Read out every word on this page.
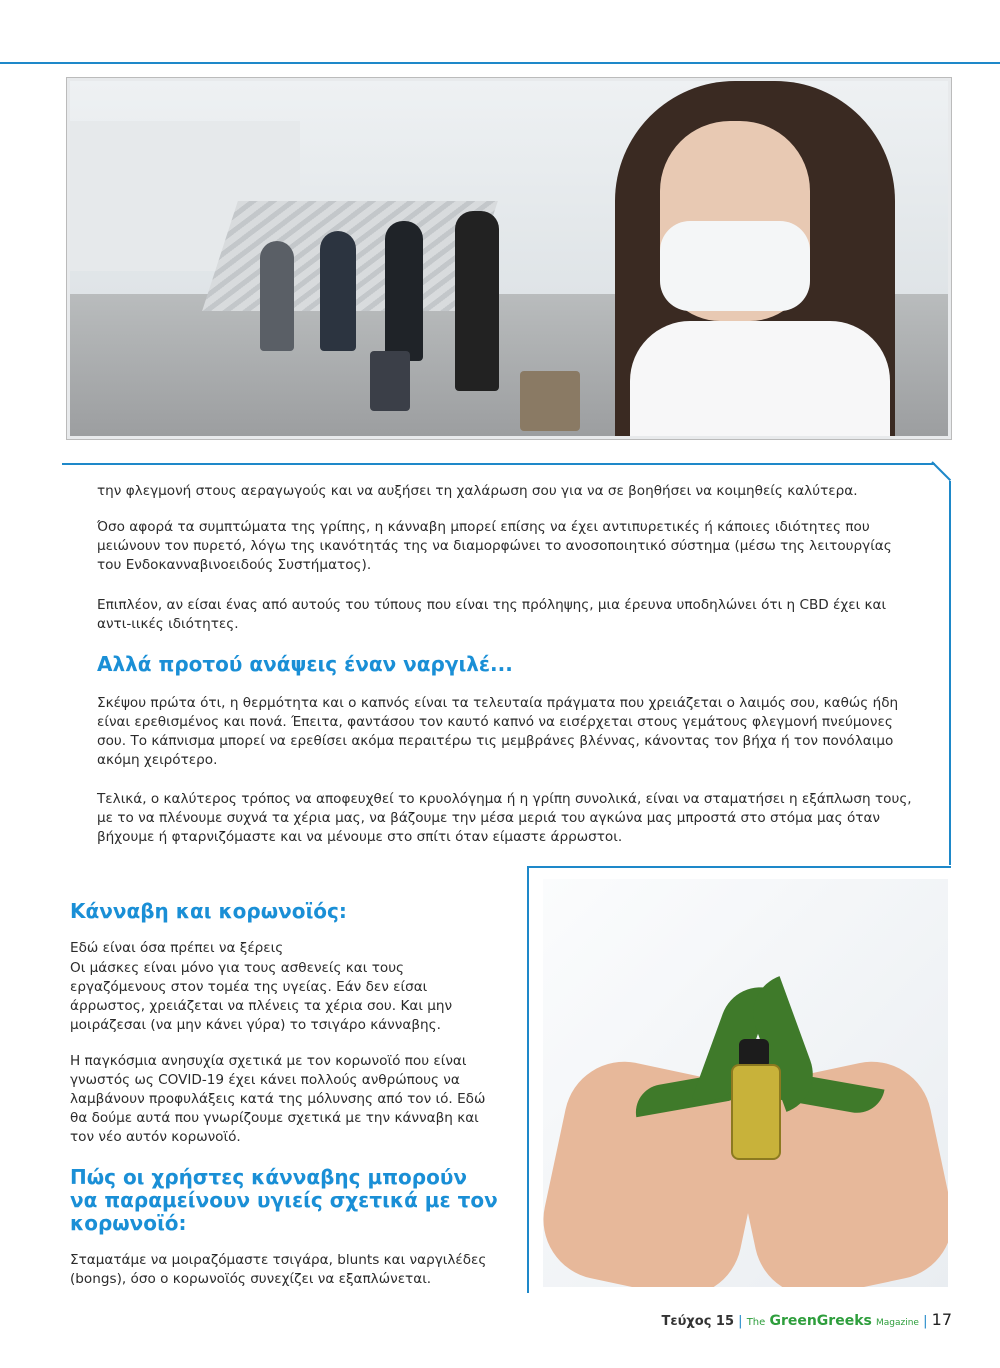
την φλεγμονή στους αεραγωγούς και να αυξήσει τη χαλάρωση σου για να σε βοηθήσει να κοιμηθείς καλύτερα.
Όσο αφορά τα συμπτώματα της γρίπης, η κάνναβη μπορεί επίσης να έχει αντιπυρετικές ή κάποιες ιδιότητες που μειώνουν τον πυρετό, λόγω της ικανότητάς της να διαμορφώνει το ανοσοποιητικό σύστημα (μέσω της λειτουργίας του Ενδοκανναβινοειδούς Συστήματος).
Επιπλέον, αν είσαι ένας από αυτούς του τύπους που είναι της πρόληψης, μια έρευνα υποδηλώνει ότι η CBD έχει και αντι-ιικές ιδιότητες.
Αλλά προτού ανάψεις έναν ναργιλέ...
Σκέψου πρώτα ότι, η θερμότητα και ο καπνός είναι τα τελευταία πράγματα που χρειάζεται ο λαιμός σου, καθώς ήδη είναι ερεθισμένος και πονά. Έπειτα, φαντάσου τον καυτό καπνό να εισέρχεται στους γεμάτους φλεγμονή πνεύμονες σου. Το κάπνισμα μπορεί να ερεθίσει ακόμα περαιτέρω τις μεμβράνες βλέννας, κάνοντας τον βήχα ή τον πονόλαιμο ακόμη χειρότερο.
Τελικά, ο καλύτερος τρόπος να αποφευχθεί το κρυολόγημα ή η γρίπη συνολικά, είναι να σταματήσει η εξάπλωση τους, με το να πλένουμε συχνά τα χέρια μας, να βάζουμε την μέσα μεριά του αγκώνα μας μπροστά στο στόμα μας όταν βήχουμε ή φταρνιζόμαστε και να μένουμε στο σπίτι όταν είμαστε άρρωστοι.
Κάνναβη και κορωνοϊός:
Εδώ είναι όσα πρέπει να ξέρεις
Οι μάσκες είναι μόνο για τους ασθενείς και τους εργαζόμενους στον τομέα της υγείας. Εάν δεν είσαι άρρωστος, χρειάζεται να πλένεις τα χέρια σου. Και μην μοιράζεσαι (να μην κάνει γύρα) το τσιγάρο κάνναβης.
Η παγκόσμια ανησυχία σχετικά με τον κορωνοϊό που είναι γνωστός ως COVID-19 έχει κάνει πολλούς ανθρώπους να λαμβάνουν προφυλάξεις κατά της μόλυνσης από τον ιό. Εδώ θα δούμε αυτά που γνωρίζουμε σχετικά με την κάνναβη και τον νέο αυτόν κορωνοϊό.
Πώς οι χρήστες κάνναβης μπορούν να παραμείνουν υγιείς σχετικά με τον κορωνοϊό:
Σταματάμε να μοιραζόμαστε τσιγάρα, blunts και ναργιλέδες (bongs), όσο ο κορωνοϊός συνεχίζει να εξαπλώνεται.
Τεύχος 15 | The GreenGreeks Magazine | 17
